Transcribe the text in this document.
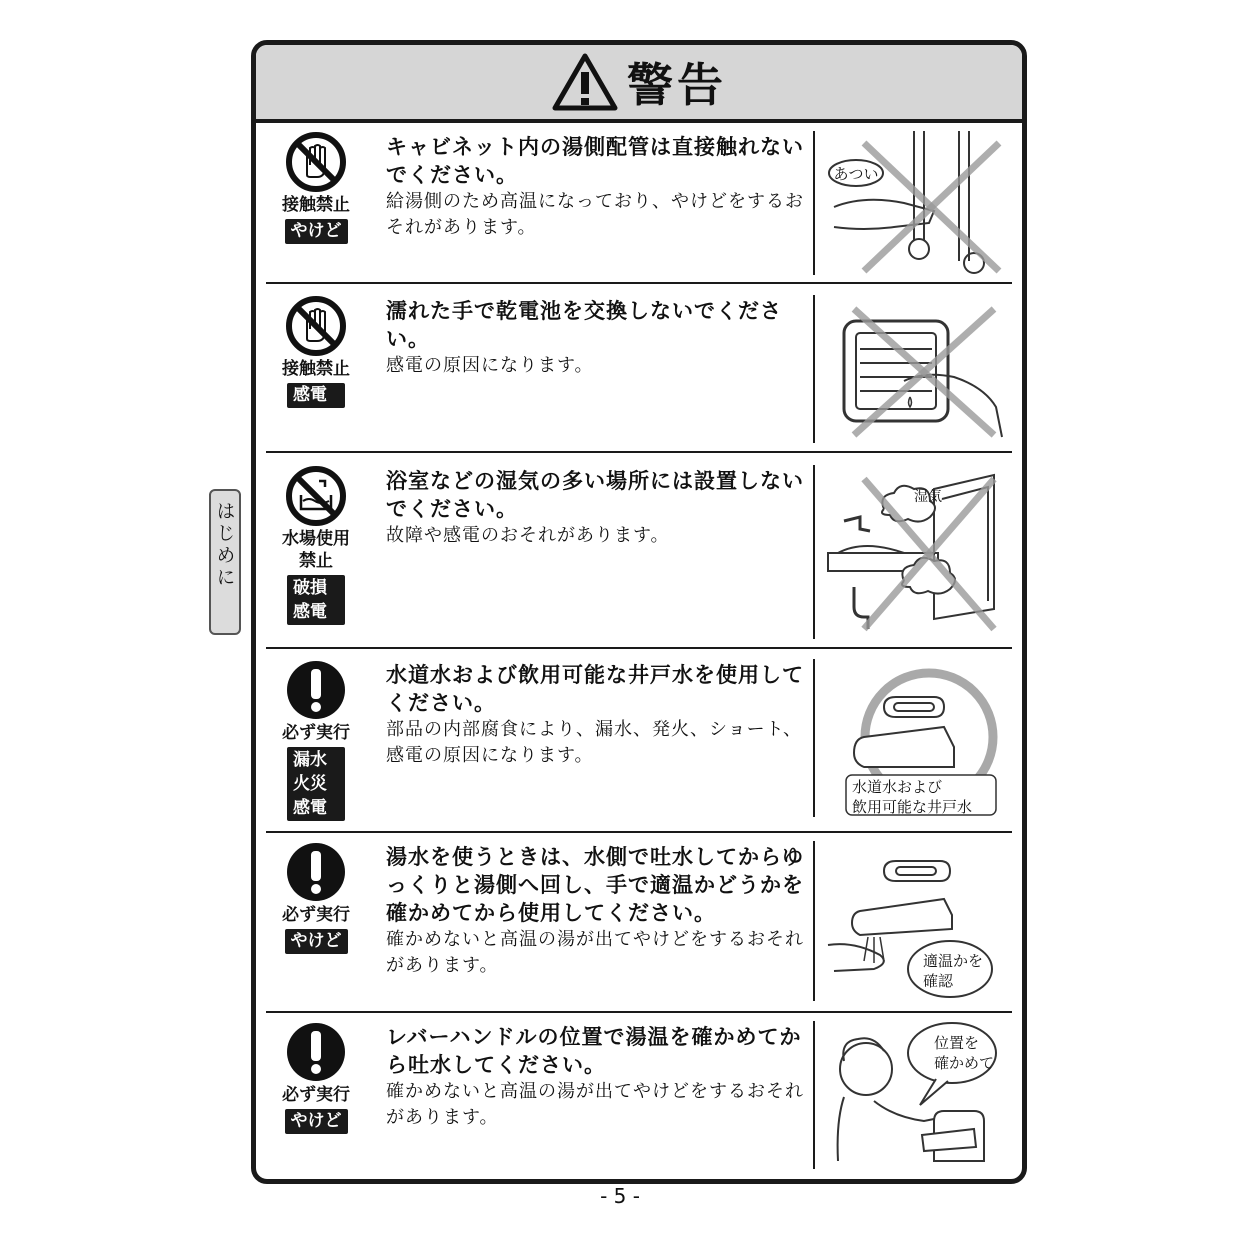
警告
接触禁止
やけど
キャビネット内の湯側配管は直接触れないでください。
給湯側のため高温になっており、やけどをするおそれがあります。
あつい
接触禁止
感電
濡れた手で乾電池を交換しないでください。
感電の原因になります。
水場使用
禁止
破損
感電
浴室などの湿気の多い場所には設置しないでください。
故障や感電のおそれがあります。
湿気
必ず実行
漏水
火災
感電
水道水および飲用可能な井戸水を使用してください。
部品の内部腐食により、漏水、発火、ショート、感電の原因になります。
水道水および
飲用可能な井戸水
必ず実行
やけど
湯水を使うときは、水側で吐水してからゆっくりと湯側へ回し、手で適温かどうかを確かめてから使用してください。
確かめないと高温の湯が出てやけどをするおそれがあります。	適温かを
確認
必ず実行
やけど
レバーハンドルの位置で湯温を確かめてから吐水してください。
確かめないと高温の湯が出てやけどをするおそれがあります。
位置を
確かめて
はじめに
- 5 -
